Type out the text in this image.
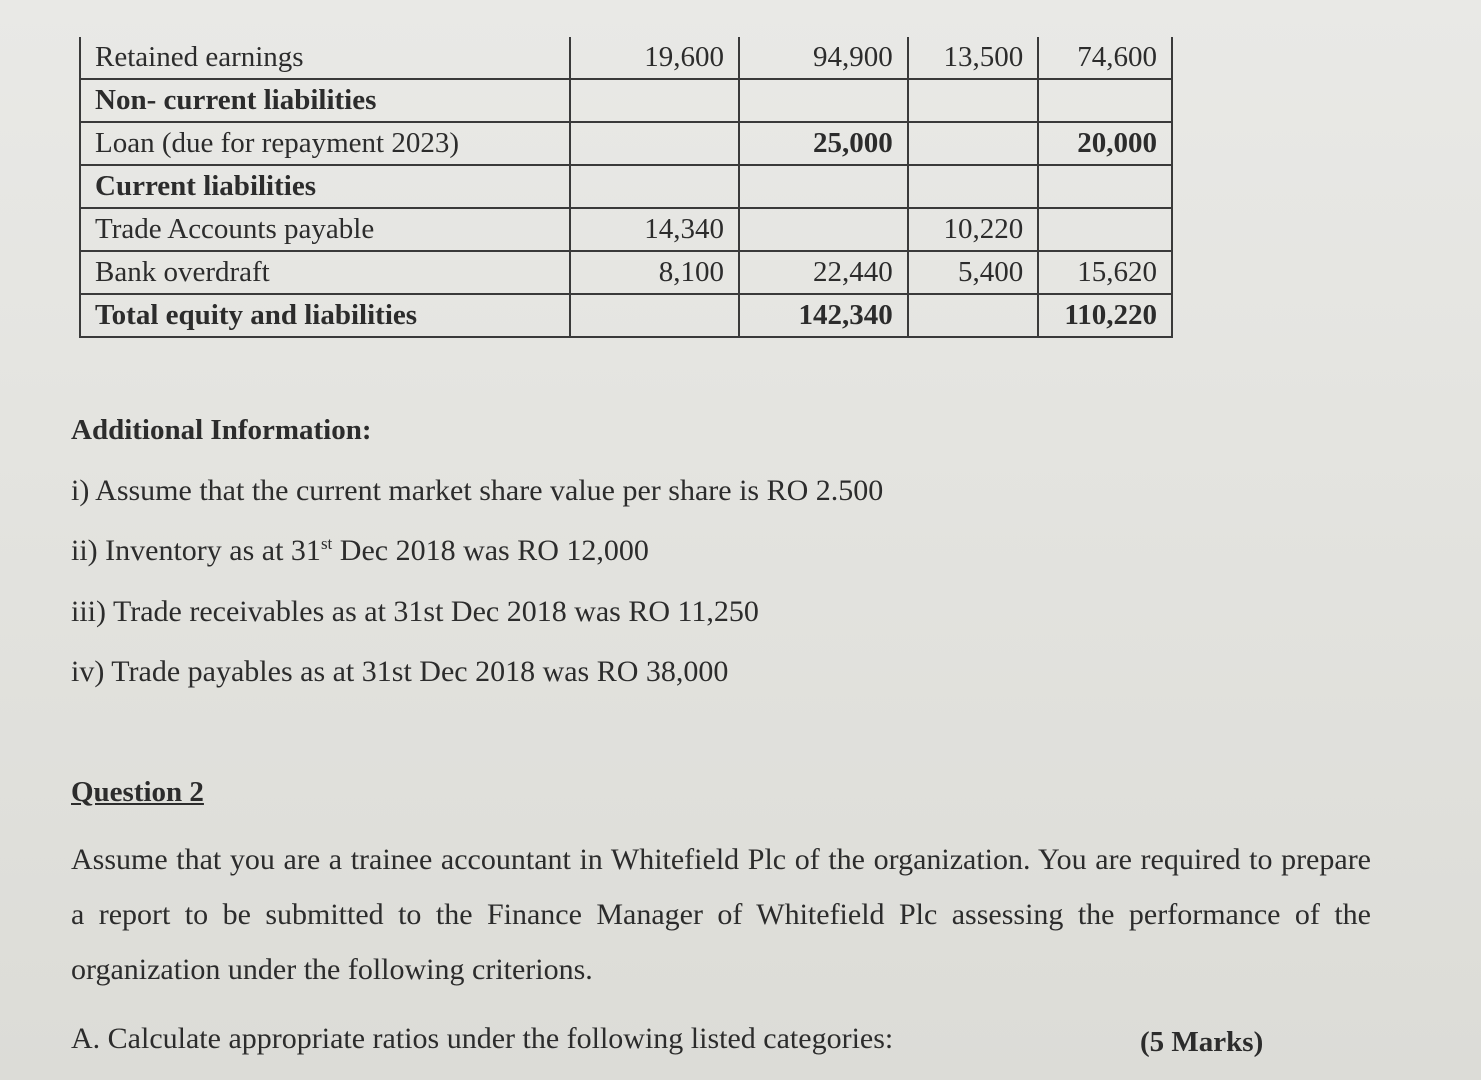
Retained earnings	19,600	94,900	13,500	74,600
Non- current liabilities				
Loan (due for repayment 2023)		25,000		20,000
Current liabilities				
Trade Accounts payable	14,340		10,220	
Bank overdraft	8,100	22,440	5,400	15,620
Total equity and liabilities		142,340		110,220
Additional Information:
i) Assume that the current market share value per share is RO 2.500
ii) Inventory as at 31st Dec 2018 was RO 12,000
iii) Trade receivables as at 31st Dec 2018 was RO 11,250
iv) Trade payables as at 31st Dec 2018 was RO 38,000
Question 2
Assume that you are a trainee accountant in Whitefield Plc of the organization. You are required to prepare a report to be submitted to the Finance Manager of Whitefield Plc assessing the performance of the organization under the following criterions.
A. Calculate appropriate ratios under the following listed categories:	(5 Marks)
